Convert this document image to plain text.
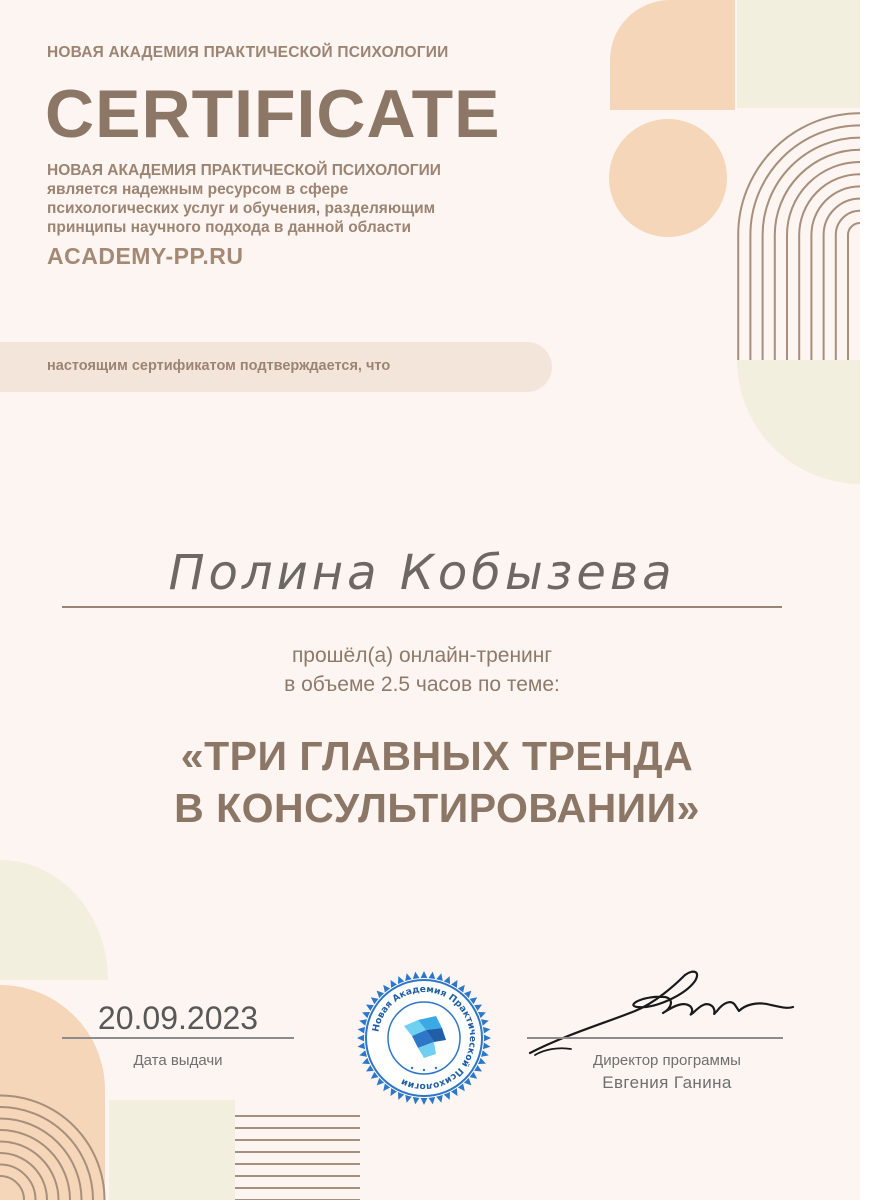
НОВАЯ АКАДЕМИЯ ПРАКТИЧЕСКОЙ ПСИХОЛОГИИ

CERTIFICATE

НОВАЯ АКАДЕМИЯ ПРАКТИЧЕСКОЙ ПСИХОЛОГИИ
является надежным ресурсом в сфере
психологических услуг и обучения, разделяющим
принципы научного подхода в данной области

ACADEMY-PP.RU

настоящим сертификатом подтверждается, что

Полина Кобызева

прошёл(а) онлайн-тренинг

в объеме 2.5 часов по теме:

«ТРИ ГЛАВНЫХ ТРЕНДА

В КОНСУЛЬТИРОВАНИИ»

20.09.2023

Дата выдачи

Новая Академия Практической Психологии

Директор программы

Евгения Ганина
